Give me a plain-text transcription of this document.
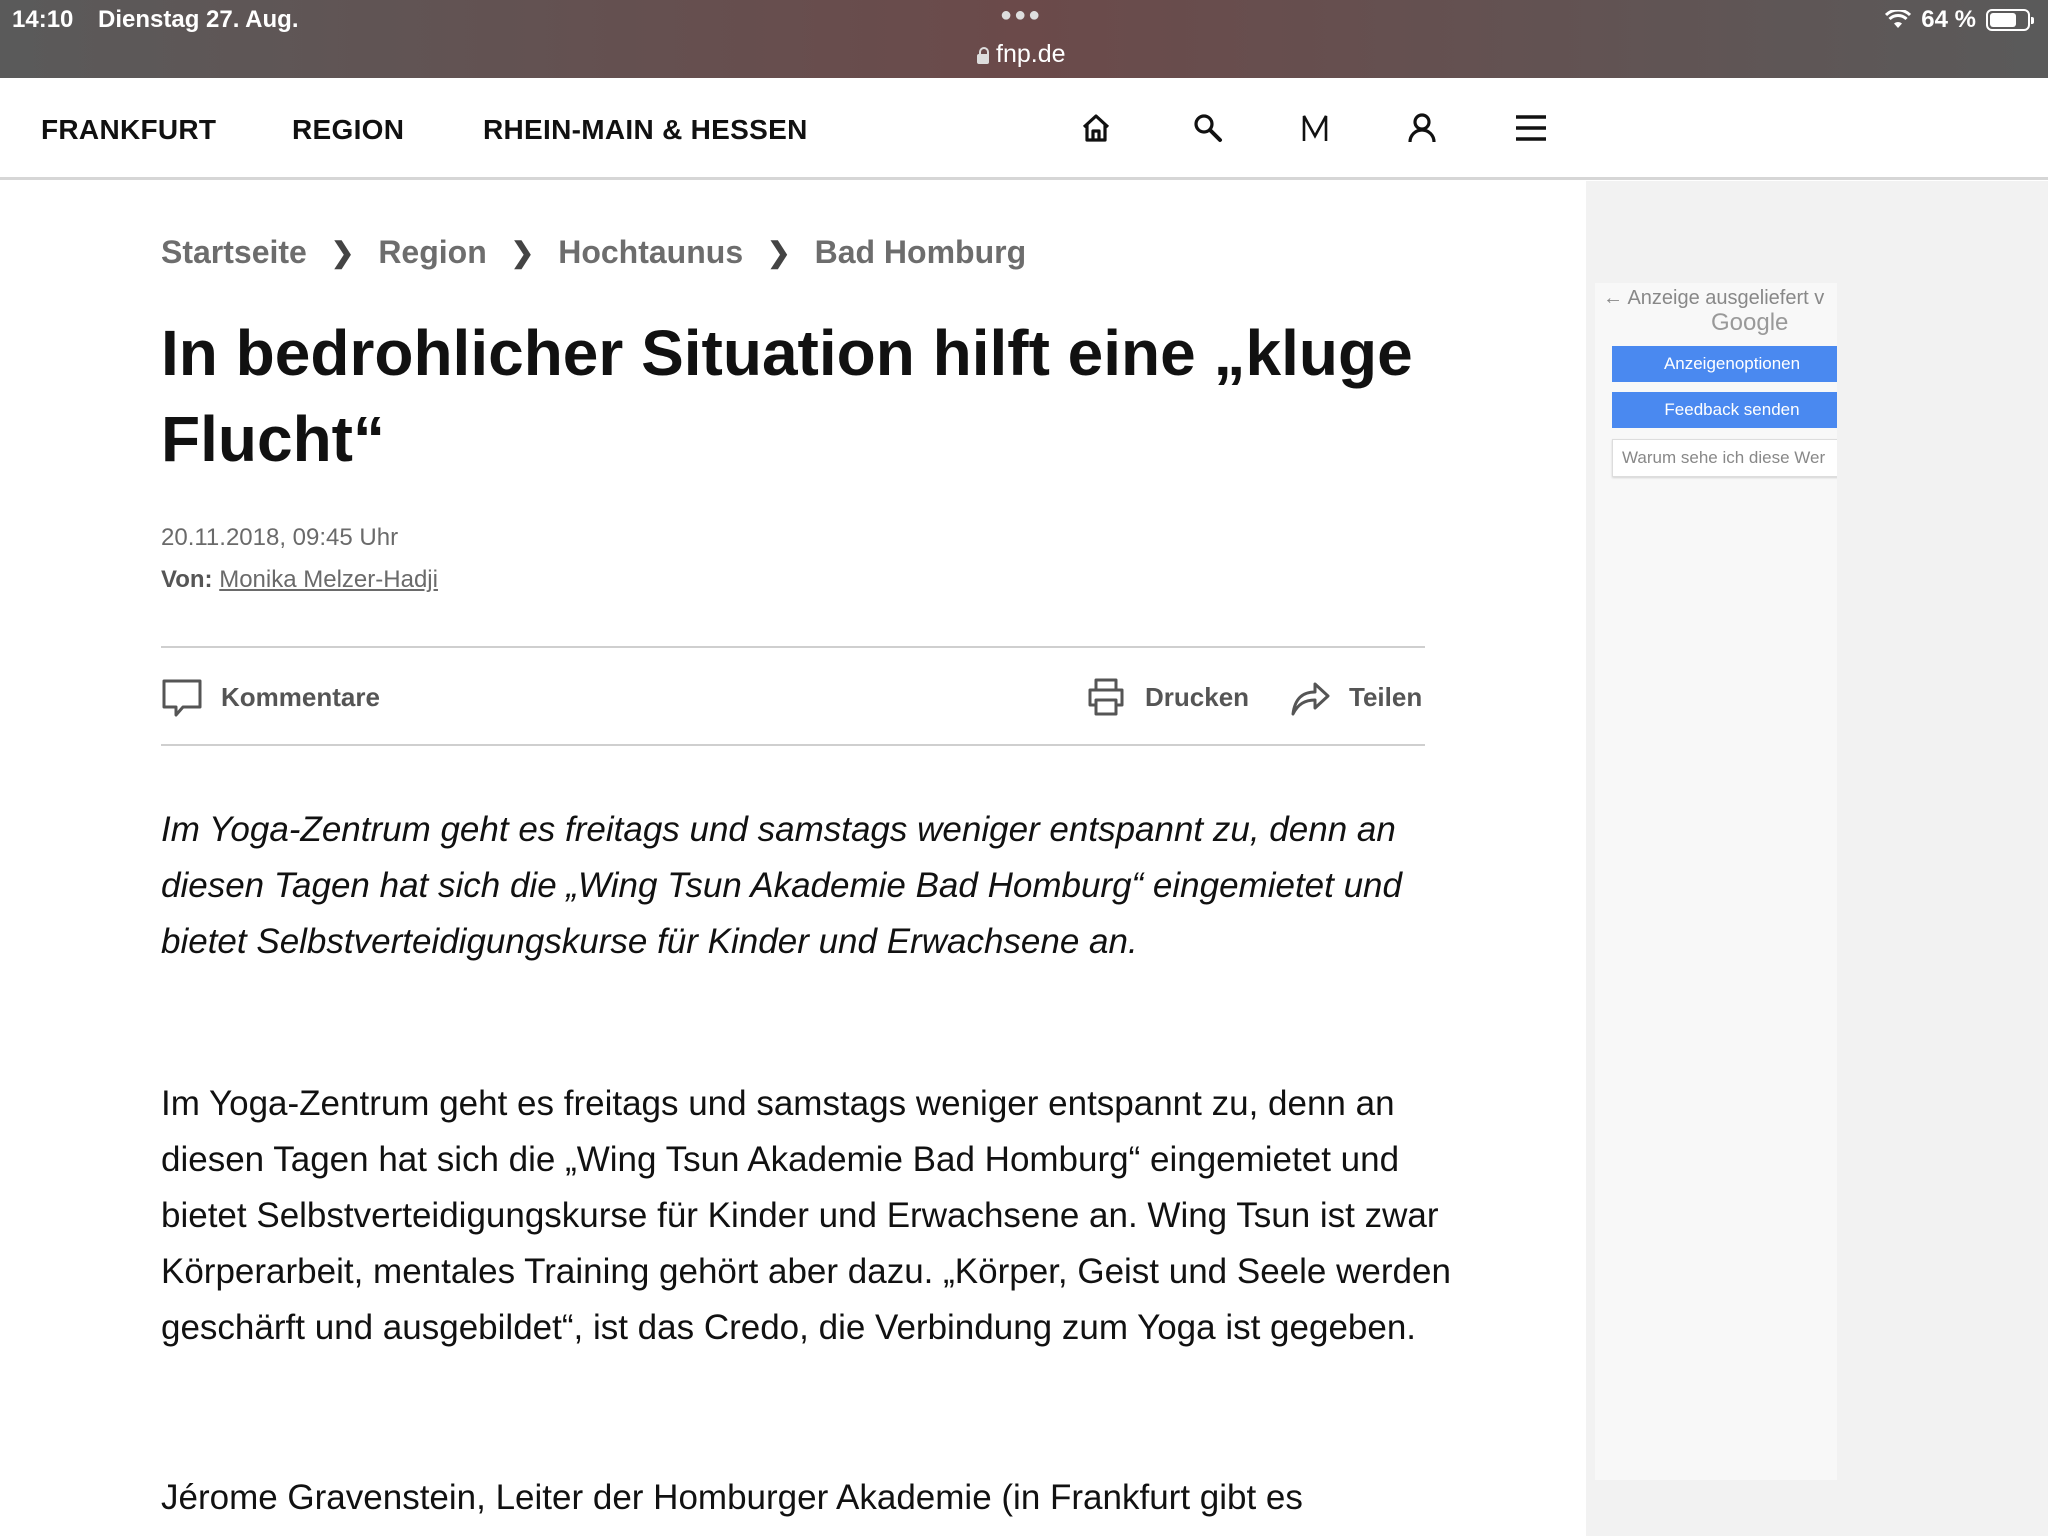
14:10 Dienstag 27. Aug.	●●●
fnp.de
64 %
FRANKFURT	REGION	RHEIN-MAIN & HESSEN
Startseite ❯ Region ❯ Hochtaunus ❯ Bad Homburg
In bedrohlicher Situation hilft eine „kluge Flucht“
20.11.2018, 09:45 Uhr
Von: Monika Melzer-Hadji
Kommentare	Drucken	Teilen

Im Yoga-Zentrum geht es freitags und samstags weniger entspannt zu, denn an diesen Tagen hat sich die „Wing Tsun Akademie Bad Homburg“ eingemietet und bietet Selbstverteidigungskurse für Kinder und Erwachsene an.

Im Yoga-Zentrum geht es freitags und samstags weniger entspannt zu, denn an diesen Tagen hat sich die „Wing Tsun Akademie Bad Homburg“ eingemietet und bietet Selbstverteidigungskurse für Kinder und Erwachsene an. Wing Tsun ist zwar Körperarbeit, mentales Training gehört aber dazu. „Körper, Geist und Seele werden geschärft und ausgebildet“, ist das Credo, die Verbindung zum Yoga ist gegeben.

Jérome Gravenstein, Leiter der Homburger Akademie (in Frankfurt gibt es

← Anzeige ausgeliefert v
Google
Anzeigenoptionen
Feedback senden
Warum sehe ich diese Wer
